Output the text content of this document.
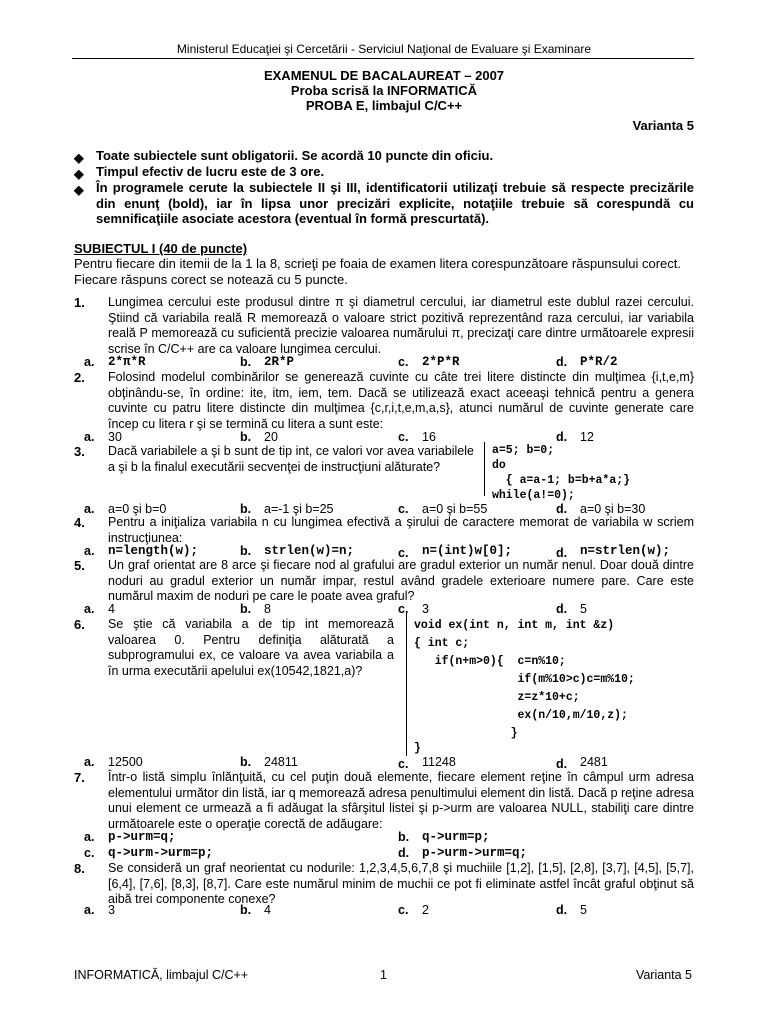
Ministerul Educaţiei şi Cercetării - Serviciul Naţional de Evaluare şi Examinare
EXAMENUL DE BACALAUREAT – 2007
Proba scrisă la INFORMATICĂ
PROBA E, limbajul C/C++
Varianta 5
◆ Toate subiectele sunt obligatorii. Se acordă 10 puncte din oficiu.
◆ Timpul efectiv de lucru este de 3 ore.
◆ În programele cerute la subiectele II şi III, identificatorii utilizaţi trebuie să respecte precizările din enunţ (bold), iar în lipsa unor precizări explicite, notaţiile trebuie să corespundă cu semnificaţiile asociate acestora (eventual în formă prescurtată).
SUBIECTUL I (40 de puncte)
Pentru fiecare din itemii de la 1 la 8, scrieţi pe foaia de examen litera corespunzătoare răspunsului corect. Fiecare răspuns corect se notează cu 5 puncte.
1. Lungimea cercului este produsul dintre π şi diametrul cercului, iar diametrul este dublul razei cercului. Ştiind că variabila reală R memorează o valoare strict pozitivă reprezentând raza cercului, iar variabila reală P memorează cu suficientă precizie valoarea numărului π, precizaţi care dintre următoarele expresii scrise în C/C++ are ca valoare lungimea cercului.
a. 2*π*R	b. 2R*P	c. 2*P*R	d. P*R/2
2. Folosind modelul combinărilor se generează cuvinte cu câte trei litere distincte din mulţimea {i,t,e,m} obţinându-se, în ordine: ite, itm, iem, tem. Dacă se utilizează exact aceeaşi tehnică pentru a genera cuvinte cu patru litere distincte din mulţimea {c,r,i,t,e,m,a,s}, atunci numărul de cuvinte generate care încep cu litera r şi se termină cu litera a sunt este:
a. 30	b. 20	c. 16	d. 12
3. Dacă variabilele a şi b sunt de tip int, ce valori vor avea variabilele a şi b la finalul executării secvenţei de instrucţiuni alăturate?
a=5; b=0;
do
{ a=a-1; b=b+a*a;}
while(a!=0);
a. a=0 şi b=0	b. a=-1 şi b=25	c. a=0 şi b=55	d. a=0 şi b=30
4. Pentru a iniţializa variabila n cu lungimea efectivă a şirului de caractere memorat de variabila w scriem instrucţiunea:
a. n=length(w);	b. strlen(w)=n;	c. n=(int)w[0];	d. n=strlen(w);
5. Un graf orientat are 8 arce şi fiecare nod al grafului are gradul exterior un număr nenul. Doar două dintre noduri au gradul exterior un număr impar, restul având gradele exterioare numere pare. Care este numărul maxim de noduri pe care le poate avea graful?
a. 4	b. 8	c. 3	d. 5
6. Se ştie că variabila a de tip int memorează valoarea 0. Pentru definiţia alăturată a subprogramului ex, ce valoare va avea variabila a în urma executării apelului ex(10542,1821,a)?
void ex(int n, int m, int &z)
{ int c;
if(n+m>0){  c=n%10;
if(m%10>c)c=m%10;
z=z*10+c;
ex(n/10,m/10,z);
}
}
a. 12500	b. 24811	c. 11248	d. 2481
7. Într-o listă simplu înlănţuită, cu cel puţin două elemente, fiecare element reţine în câmpul urm adresa elementului următor din listă, iar q memorează adresa penultimului element din listă. Dacă p reţine adresa unui element ce urmează a fi adăugat la sfârşitul listei şi p->urm are valoarea NULL, stabiliţi care dintre următoarele este o operaţie corectă de adăugare:
a. p->urm=q;	b. q->urm=p;
c. q->urm->urm=p;	d. p->urm->urm=q;
8. Se consideră un graf neorientat cu nodurile: 1,2,3,4,5,6,7,8 şi muchiile [1,2], [1,5], [2,8], [3,7], [4,5], [5,7], [6,4], [7,6], [8,3], [8,7]. Care este numărul minim de muchii ce pot fi eliminate astfel încât graful obţinut să aibă trei componente conexe?
a. 3	b. 4	c. 2	d. 5
INFORMATICĂ, limbajul C/C++	1	Varianta 5
